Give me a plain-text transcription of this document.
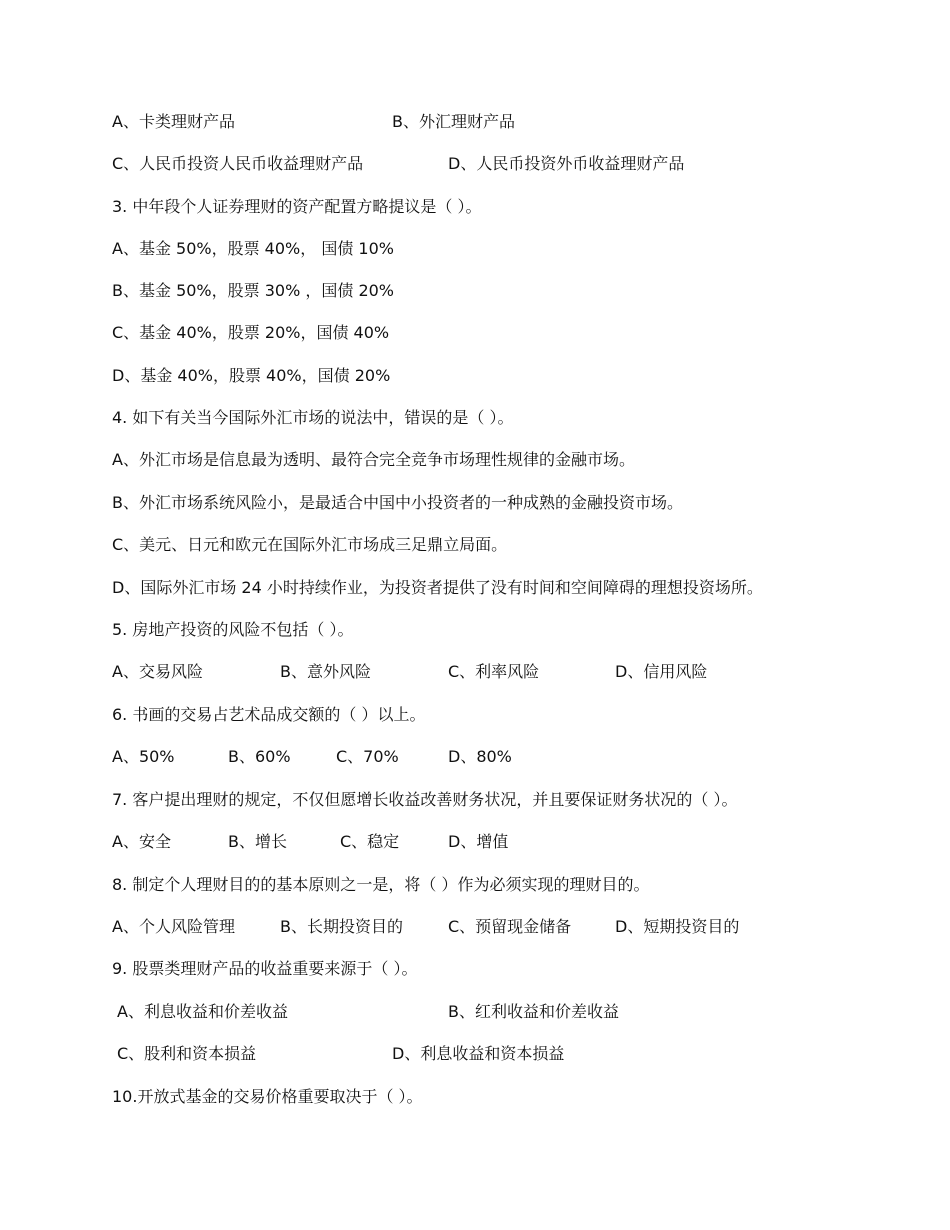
A、卡类理财产品	B、外汇理财产品
C、人民币投资人民币收益理财产品	D、人民币投资外币收益理财产品
3. 中年段个人证券理财的资产配置方略提议是（ ）。
A、基金 50%，股票 40%， 国债 10%
B、基金 50%，股票 30% ，国债 20%
C、基金 40%，股票 20%，国债 40%
D、基金 40%，股票 40%，国债 20%
4. 如下有关当今国际外汇市场的说法中，错误的是（ ）。
A、外汇市场是信息最为透明、最符合完全竞争市场理性规律的金融市场。
B、外汇市场系统风险小，是最适合中国中小投资者的一种成熟的金融投资市场。
C、美元、日元和欧元在国际外汇市场成三足鼎立局面。
D、国际外汇市场 24 小时持续作业，为投资者提供了没有时间和空间障碍的理想投资场所。
5. 房地产投资的风险不包括（ ）。
A、交易风险	B、意外风险	C、利率风险	D、信用风险
6. 书画的交易占艺术品成交额的（ ）以上。
A、50%	B、60%	C、70%	D、80%
7. 客户提出理财的规定，不仅但愿增长收益改善财务状况，并且要保证财务状况的（ ）。
A、安全	B、增长	C、稳定	D、增值
8. 制定个人理财目的的基本原则之一是，将（ ）作为必须实现的理财目的。
A、个人风险管理	B、长期投资目的	C、预留现金储备	D、短期投资目的
9. 股票类理财产品的收益重要来源于（ ）。
A、利息收益和价差收益	B、红利收益和价差收益
C、股利和资本损益	D、利息收益和资本损益
10.开放式基金的交易价格重要取决于（ ）。
